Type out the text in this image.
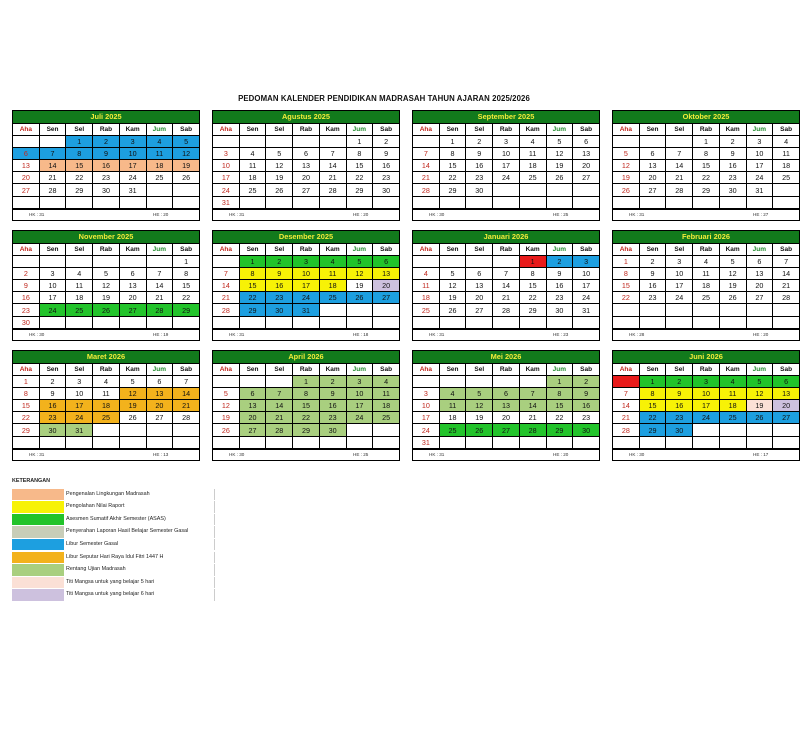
PEDOMAN KALENDER PENDIDIKAN MADRASAH TAHUN AJARAN 2025/2026
Juli 2025
Aha	Sen	Sel	Rab	Kam	Jum	Sab
		1	2	3	4	5
6	7	8	9	10	11	12
13	14	15	16	17	18	19
20	21	22	23	24	25	26
27	28	29	30	31		

HK : 31	HE : 20
Agustus 2025
Aha	Sen	Sel	Rab	Kam	Jum	Sab
					1	2
3	4	5	6	7	8	9
10	11	12	13	14	15	16
17	18	19	20	21	22	23
24	25	26	27	28	29	30
31						
HK : 31	HE : 20
September 2025
Aha	Sen	Sel	Rab	Kam	Jum	Sab
	1	2	3	4	5	6
7	8	9	10	11	12	13
14	15	16	17	18	19	20
21	22	23	24	25	26	27
28	29	30				

HK : 30	HE : 25
Oktober 2025
Aha	Sen	Sel	Rab	Kam	Jum	Sab
			1	2	3	4
5	6	7	8	9	10	11
12	13	14	15	16	17	18
19	20	21	22	23	24	25
26	27	28	29	30	31	

HK : 31	HE : 27
November 2025
Aha	Sen	Sel	Rab	Kam	Jum	Sab
						1
2	3	4	5	6	7	8
9	10	11	12	13	14	15
16	17	18	19	20	21	22
23	24	25	26	27	28	29
30						
HK : 30	HE : 19
Desember 2025
Aha	Sen	Sel	Rab	Kam	Jum	Sab
	1	2	3	4	5	6
7	8	9	10	11	12	13
14	15	16	17	18	19	20
21	22	23	24	25	26	27
28	29	30	31			

HK : 31	HE : 18
Januari 2026
Aha	Sen	Sel	Rab	Kam	Jum	Sab
				1	2	3
4	5	6	7	8	9	10
11	12	13	14	15	16	17
18	19	20	21	22	23	24
25	26	27	28	29	30	31

HK : 31	HE : 23
Februari 2026
Aha	Sen	Sel	Rab	Kam	Jum	Sab
1	2	3	4	5	6	7
8	9	10	11	12	13	14
15	16	17	18	19	20	21
22	23	24	25	26	27	28

HK : 28	HE : 20
Maret 2026
Aha	Sen	Sel	Rab	Kam	Jum	Sab
1	2	3	4	5	6	7
8	9	10	11	12	13	14
15	16	17	18	19	20	21
22	23	24	25	26	27	28
29	30	31				

HK : 31	HE : 13
April 2026
Aha	Sen	Sel	Rab	Kam	Jum	Sab
			1	2	3	4
5	6	7	8	9	10	11
12	13	14	15	16	17	18
19	20	21	22	23	24	25
26	27	28	29	30		

HK : 30	HE : 25
Mei 2026
Aha	Sen	Sel	Rab	Kam	Jum	Sab
					1	2
3	4	5	6	7	8	9
10	11	12	13	14	15	16
17	18	19	20	21	22	23
24	25	26	27	28	29	30
31						
HK : 31	HE : 20
Juni 2026
Aha	Sen	Sel	Rab	Kam	Jum	Sab
	1	2	3	4	5	6
7	8	9	10	11	12	13
14	15	16	17	18	19	20
21	22	23	24	25	26	27
28	29	30				

HK : 30	HE : 17
KETERANGAN
Pengenalan Lingkungan Madrasah
Pengolahan Nilai Raport
Asesmen Sumatif Akhir Semester (ASAS)
Penyerahan Laporan Hasil Belajar Semester Gasal
Libur Semester Gasal
Libur Seputar Hari Raya Idul Fitri 1447 H
Rentang Ujian Madrasah
Titi Mangsa untuk yang belajar 5 hari
Titi Mangsa untuk yang belajar 6 hari
